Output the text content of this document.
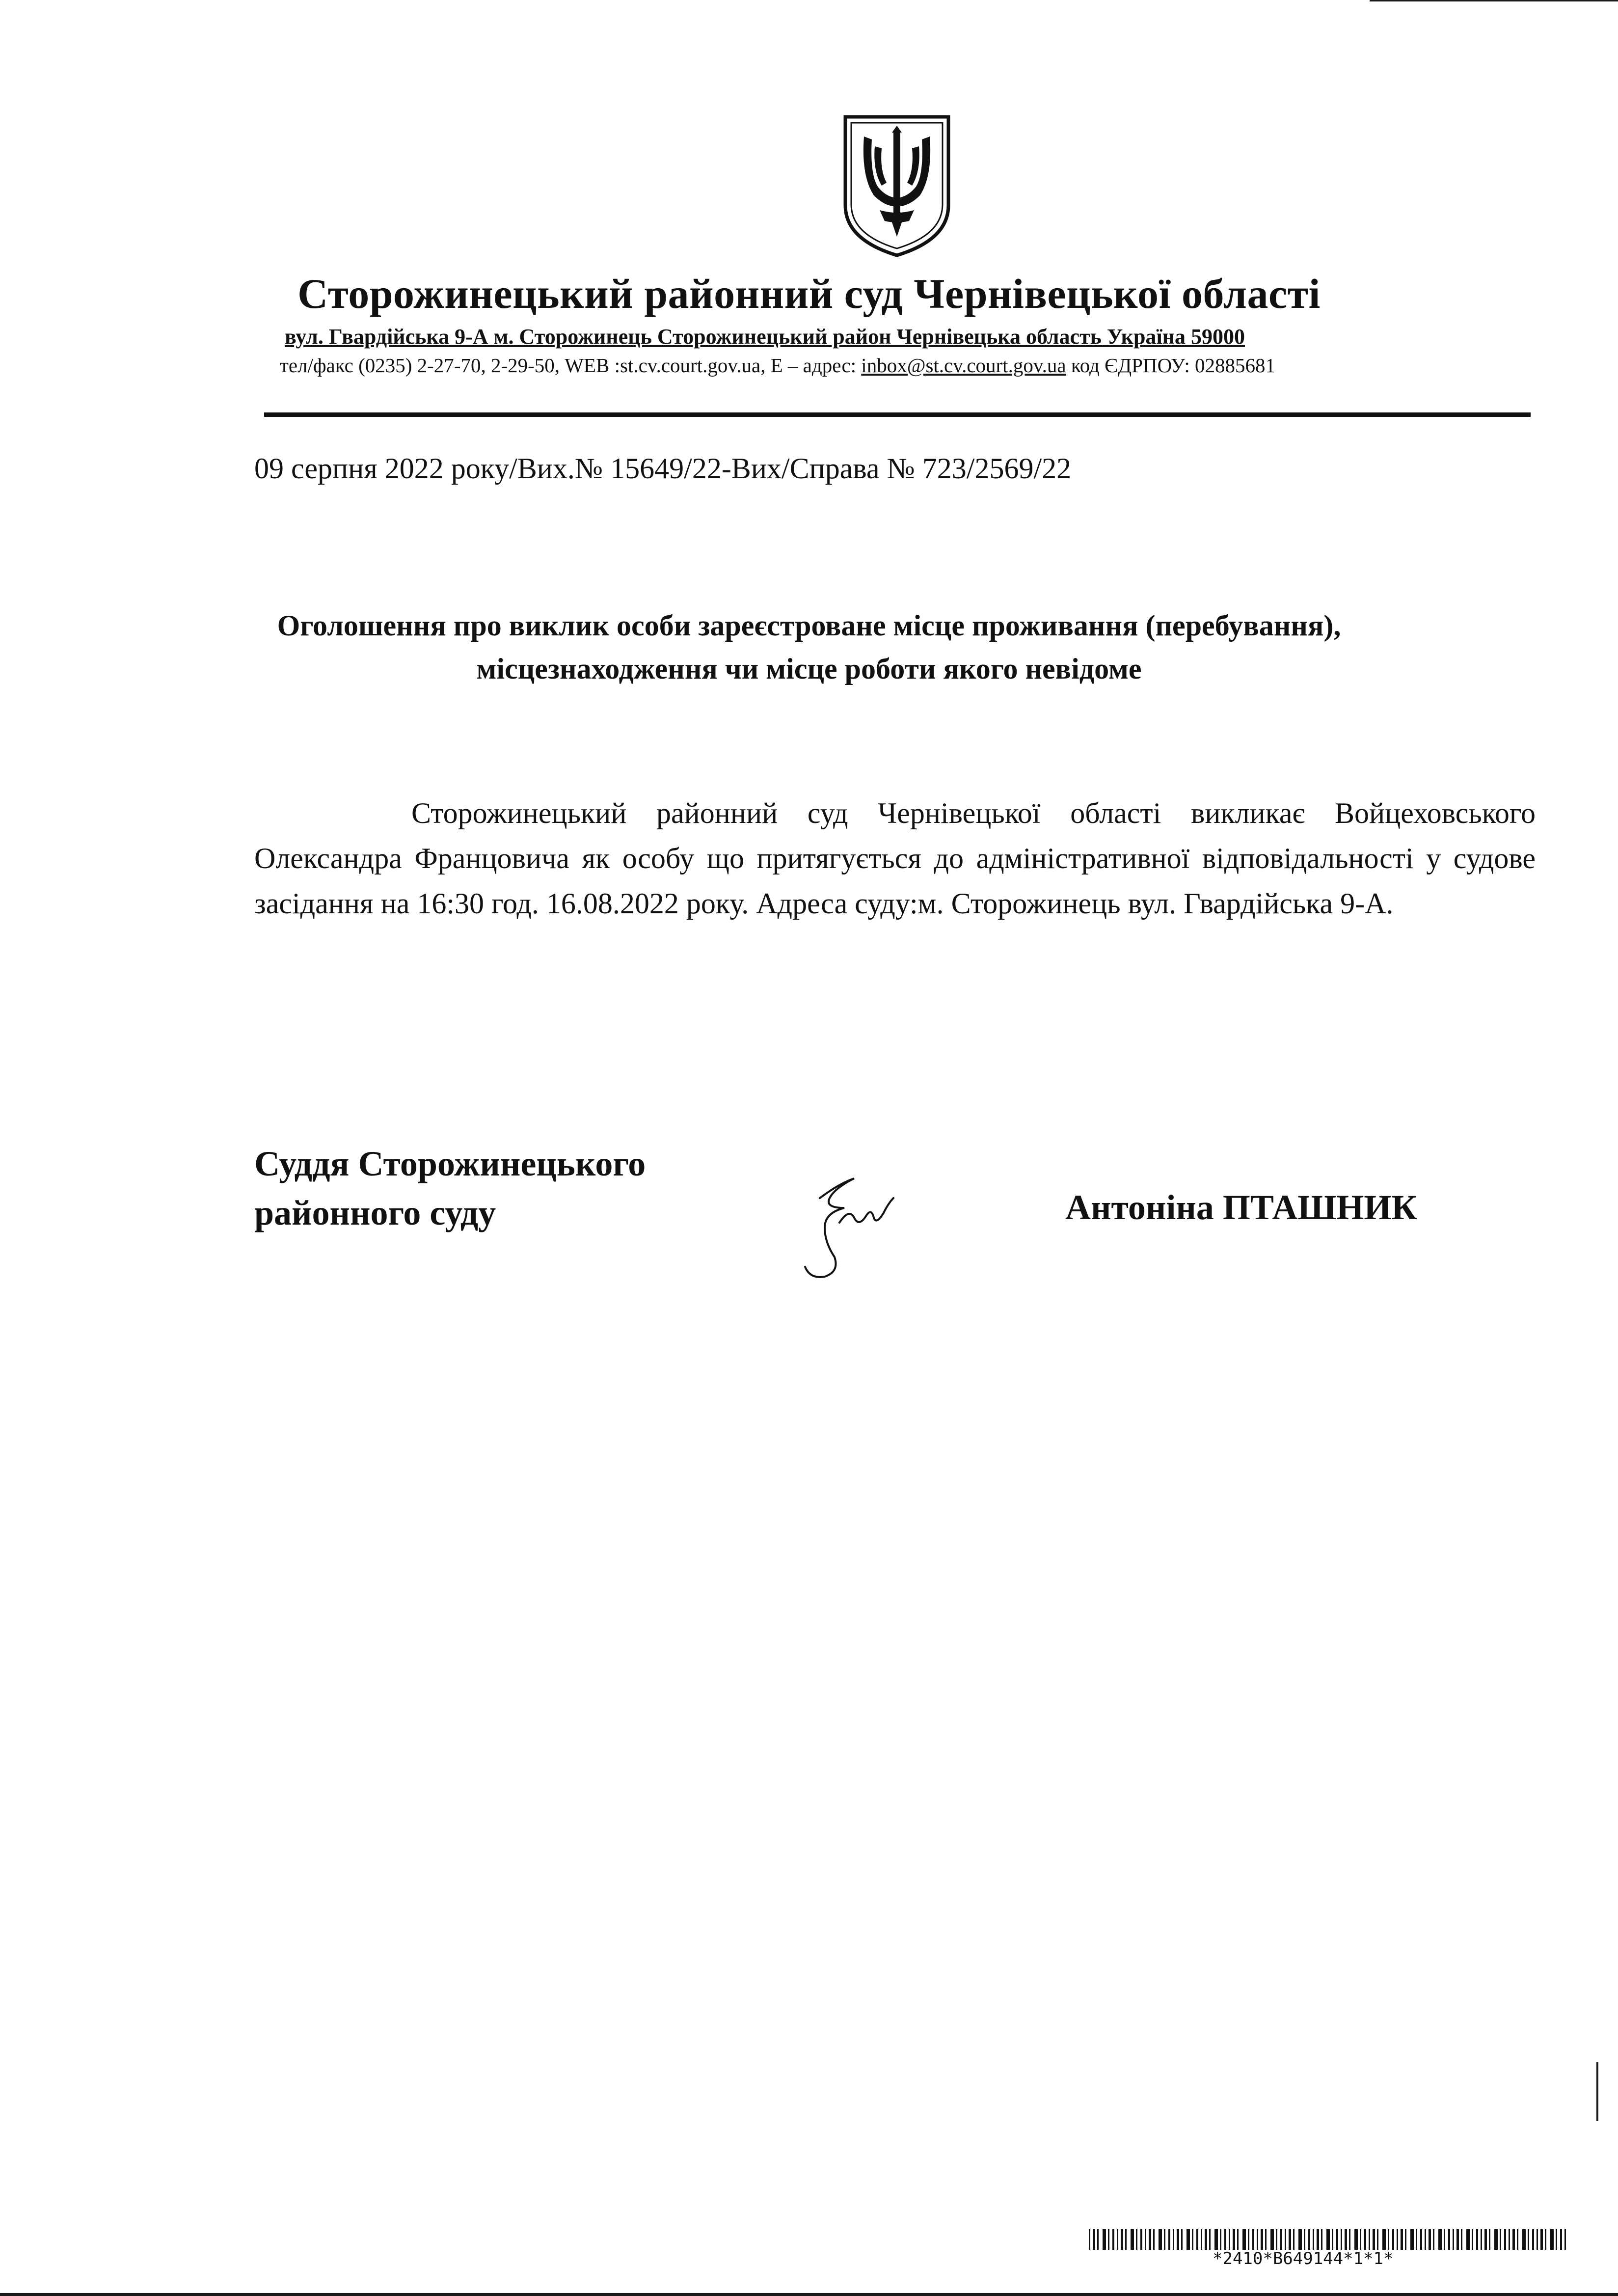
Сторожинецький районний суд Чернівецької області
вул. Гвардійська 9-А м. Сторожинець Сторожинецький район Чернівецька область Україна 59000
тел/факс (0235) 2-27-70, 2-29-50, WEB :st.cv.court.gov.ua, E – адрес: inbox@st.cv.court.gov.ua код ЄДРПОУ: 02885681
09 серпня 2022 року/Вих.№ 15649/22-Вих/Справа № 723/2569/22
Оголошення про виклик особи зареєстроване місце проживання (перебування),
місцезнаходження чи місце роботи якого невідоме
Сторожинецький районний суд Чернівецької області викликає Войцеховського Олександра Францовича як особу що притягується до адміністративної відповідальності у судове засідання на 16:30 год. 16.08.2022 року. Адреса суду:м. Сторожинець вул. Гвардійська 9-А.
Суддя Сторожинецького
районного суду	Антоніна ПТАШНИК
*2410*B649144*1*1*
